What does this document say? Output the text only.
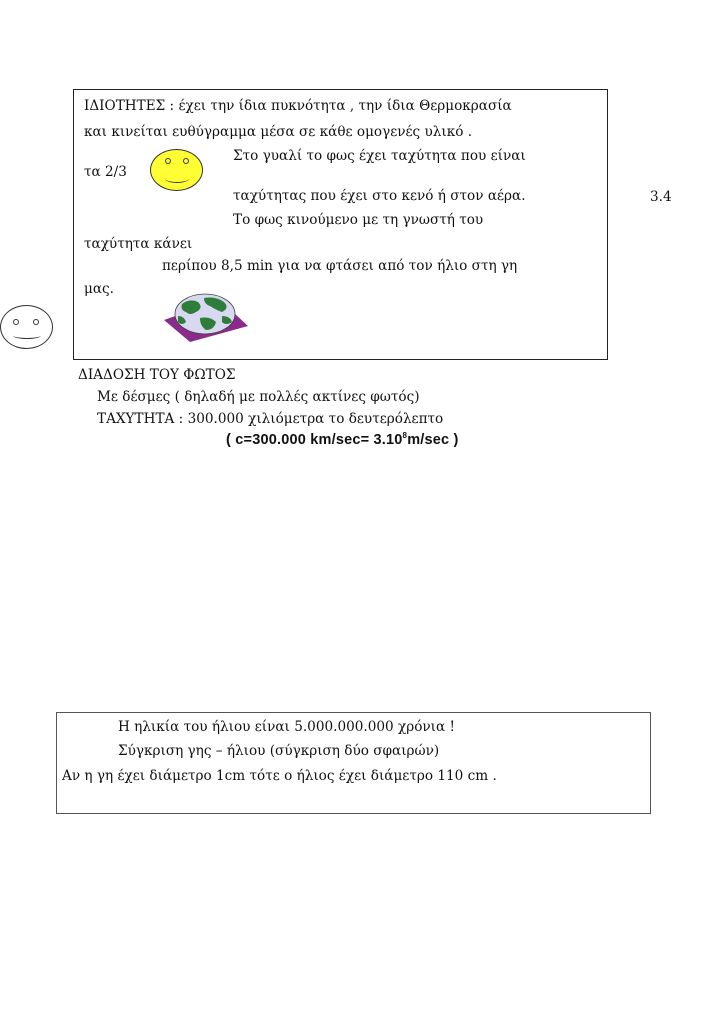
ΙΔΙΟΤΗΤΕΣ : έχει την ίδια πυκνότητα , την ίδια Θερμοκρασία
και κινείται ευθύγραμμα μέσα σε κάθε ομογενές υλικό .
Στο γυαλί το φως έχει ταχύτητα που είναι
τα 2/3
ταχύτητας που έχει στο κενό ή στον αέρα.
Το φως κινούμενο με τη γνωστή του
ταχύτητα κάνει
περίπου 8,5 min για να φτάσει από τον ήλιο στη γη
μας.
3.4
ΔΙΑΔΟΣΗ ΤΟΥ ΦΩΤΟΣ
Με δέσμες ( δηλαδή με πολλές ακτίνες φωτός)
ΤΑΧΥΤΗΤΑ : 300.000 χιλιόμετρα το δευτερόλεπτο
( c=300.000 $km/\sec= 3.10^8m/\sec$ )
Η ηλικία του ήλιου είναι 5.000.000.000 χρόνια !
Σύγκριση γης – ήλιου (σύγκριση δύο σφαιρών)
Αν η γη έχει διάμετρο 1cm τότε ο ήλιος έχει διάμετρο 110 cm .
